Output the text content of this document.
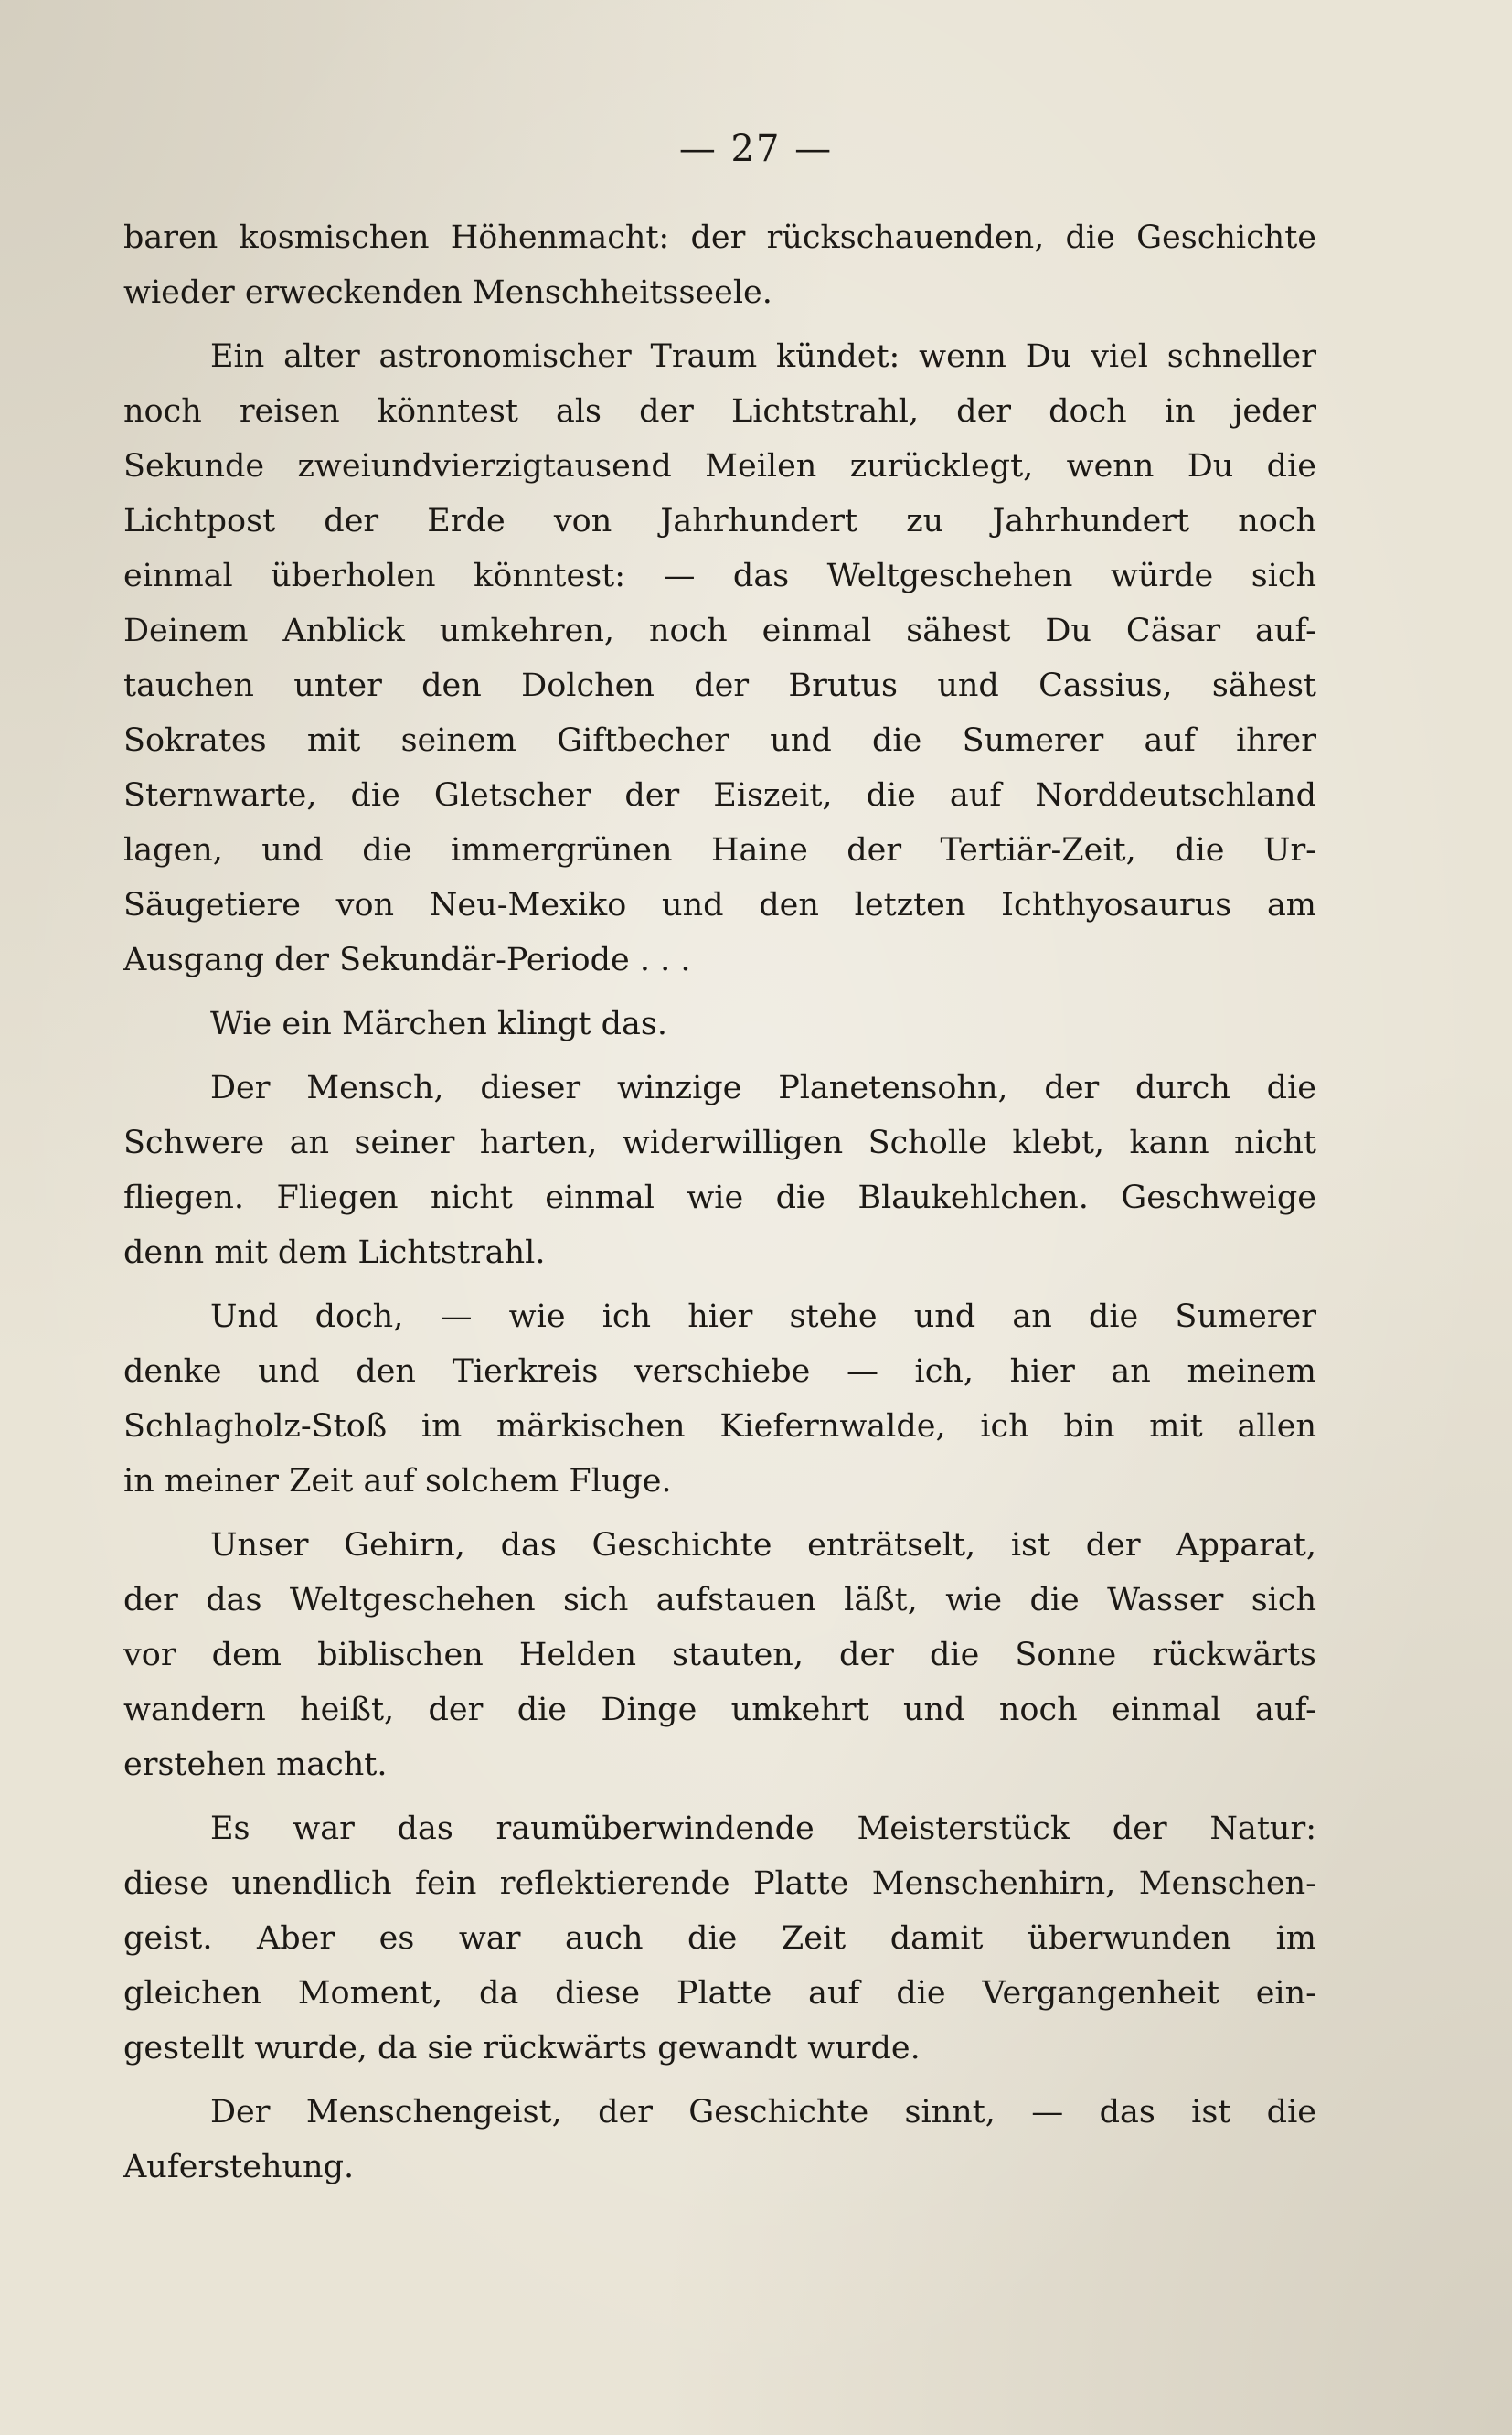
— 27 —
baren kosmischen Höhenmacht: der rückschauenden, die Geschichte
wieder erweckenden Menschheitsseele.
Ein alter astronomischer Traum kündet: wenn Du viel schneller
noch reisen könntest als der Lichtstrahl, der doch in jeder
Sekunde zweiundvierzigtausend Meilen zurücklegt, wenn Du die
Lichtpost der Erde von Jahrhundert zu Jahrhundert noch
einmal überholen könntest: — das Weltgeschehen würde sich
Deinem Anblick umkehren, noch einmal sähest Du Cäsar auf-
tauchen unter den Dolchen der Brutus und Cassius, sähest
Sokrates mit seinem Giftbecher und die Sumerer auf ihrer
Sternwarte, die Gletscher der Eiszeit, die auf Norddeutschland
lagen, und die immergrünen Haine der Tertiär-Zeit, die Ur-
Säugetiere von Neu-Mexiko und den letzten Ichthyosaurus am
Ausgang der Sekundär-Periode . . .
Wie ein Märchen klingt das.
Der Mensch, dieser winzige Planetensohn, der durch die
Schwere an seiner harten, widerwilligen Scholle klebt, kann nicht
fliegen. Fliegen nicht einmal wie die Blaukehlchen. Geschweige
denn mit dem Lichtstrahl.
Und doch, — wie ich hier stehe und an die Sumerer
denke und den Tierkreis verschiebe — ich, hier an meinem
Schlagholz-Stoß im märkischen Kiefernwalde, ich bin mit allen
in meiner Zeit auf solchem Fluge.
Unser Gehirn, das Geschichte enträtselt, ist der Apparat,
der das Weltgeschehen sich aufstauen läßt, wie die Wasser sich
vor dem biblischen Helden stauten, der die Sonne rückwärts
wandern heißt, der die Dinge umkehrt und noch einmal auf-
erstehen macht.
Es war das raumüberwindende Meisterstück der Natur:
diese unendlich fein reflektierende Platte Menschenhirn, Menschen-
geist. Aber es war auch die Zeit damit überwunden im
gleichen Moment, da diese Platte auf die Vergangenheit ein-
gestellt wurde, da sie rückwärts gewandt wurde.
Der Menschengeist, der Geschichte sinnt, — das ist die
Auferstehung.
